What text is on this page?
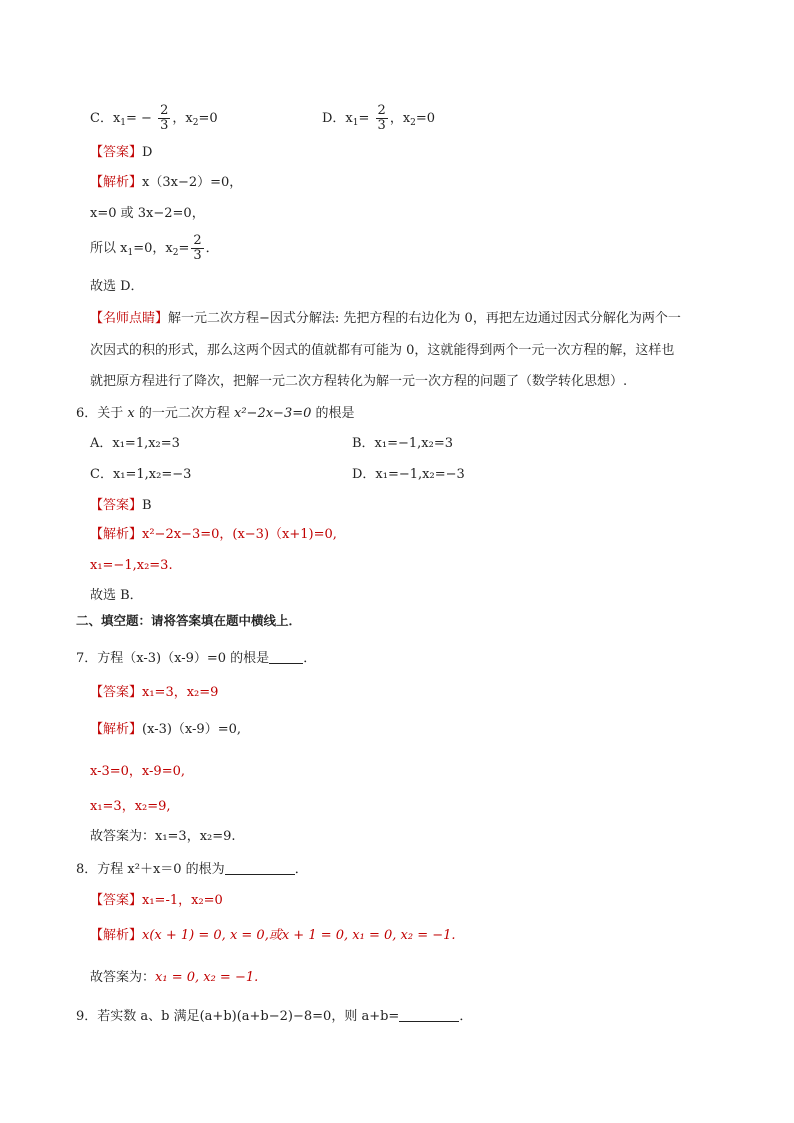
C．$x_1= - \frac{2}{3}$ ，$x_2=0$	D．$x_1= \frac{2}{3}$ ，$x_2=0$
【答案】D
【解析】x（3x−2）=0，
x=0 或 3x−2=0，
所以 $x_1=0$，$x_2= \frac{2}{3}$ ．
故选 D．
【名师点睛】解一元二次方程−因式分解法: 先把方程的右边化为 0，再把左边通过因式分解化为两个一
次因式的积的形式，那么这两个因式的值就都有可能为 0，这就能得到两个一元一次方程的解，这样也
就把原方程进行了降次，把解一元二次方程转化为解一元一次方程的问题了（数学转化思想）.
6．关于 x 的一元二次方程 x²−2x−3=0 的根是
A．x₁=1,x₂=3	B．x₁=−1,x₂=3
C．x₁=1,x₂=−3	D．x₁=−1,x₂=−3
【答案】B
【解析】x²−2x−3=0，(x−3)（x+1)=0,
x₁=−1,x₂=3.
故选 B．
二、填空题：请将答案填在题中横线上．
7．方程（x-3)（x-9）=0 的根是	．
【答案】x₁=3，x₂=9
【解析】(x-3)（x-9）=0,
x-3=0，x-9=0,
x₁=3，x₂=9,
故答案为：x₁=3，x₂=9.
8．方程 x²＋x＝0 的根为	．
【答案】x₁=-1，x₂=0
【解析】x(x + 1) = 0, x = 0,或x + 1 = 0, x₁ = 0, x₂ = −1.
故答案为：x₁ = 0, x₂ = −1.
9．若实数 a、b 满足(a+b)(a+b−2)−8=0，则 a+b=	．
